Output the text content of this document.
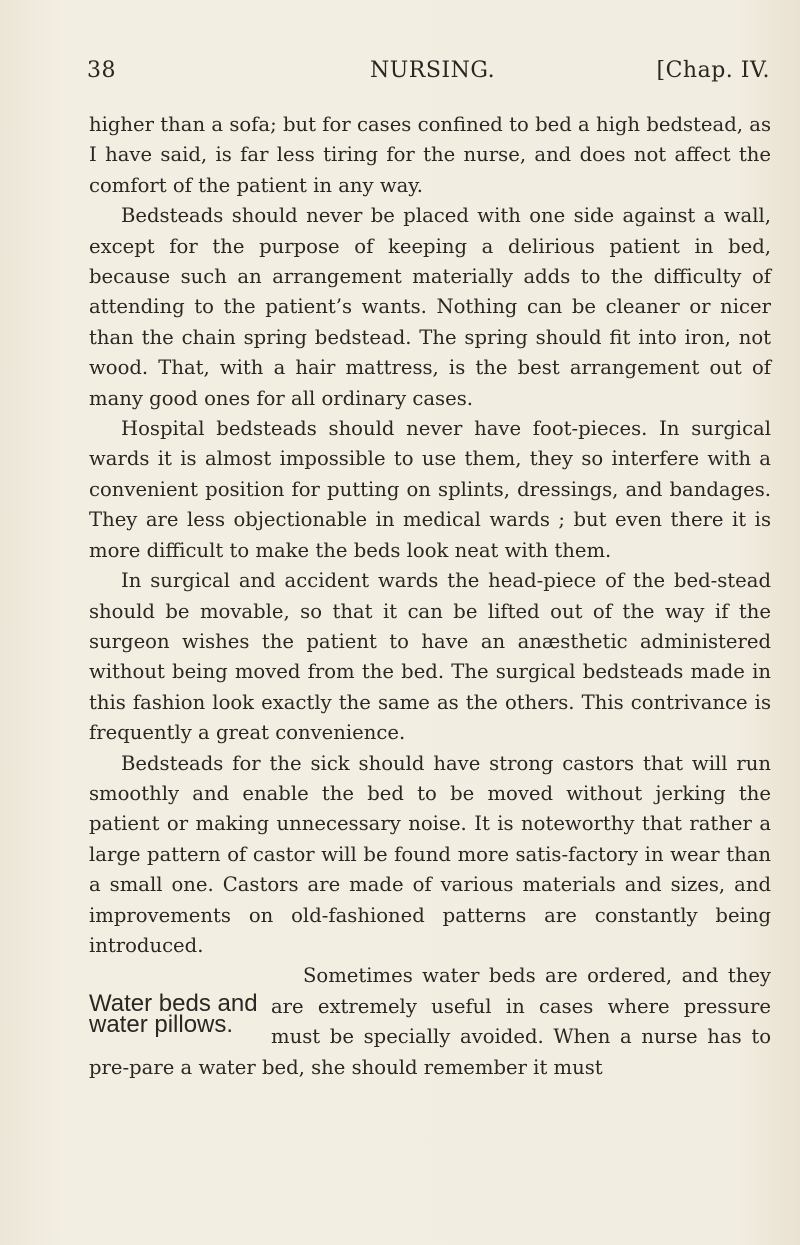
38	NURSING.	[Chap. IV.

higher than a sofa; but for cases confined to bed a high bedstead, as I have said, is far less tiring for the nurse, and does not affect the comfort of the patient in any way.

Bedsteads should never be placed with one side against a wall, except for the purpose of keeping a delirious patient in bed, because such an arrangement materially adds to the difficulty of attending to the patient’s wants. Nothing can be cleaner or nicer than the chain spring bedstead. The spring should fit into iron, not wood. That, with a hair mattress, is the best arrangement out of many good ones for all ordinary cases.

Hospital bedsteads should never have foot-pieces. In surgical wards it is almost impossible to use them, they so interfere with a convenient position for putting on splints, dressings, and bandages. They are less objectionable in medical wards ; but even there it is more difficult to make the beds look neat with them.

In surgical and accident wards the head-piece of the bed-stead should be movable, so that it can be lifted out of the way if the surgeon wishes the patient to have an anæsthetic administered without being moved from the bed. The surgical bedsteads made in this fashion look exactly the same as the others. This contrivance is frequently a great convenience.

Bedsteads for the sick should have strong castors that will run smoothly and enable the bed to be moved without jerking the patient or making unnecessary noise. It is noteworthy that rather a large pattern of castor will be found more satis-factory in wear than a small one. Castors are made of various materials and sizes, and improvements on old-fashioned patterns are constantly being introduced.

Water beds and water pillows.

Sometimes water beds are ordered, and they are extremely useful in cases where pressure must be specially avoided. When a nurse has to pre-pare a water bed, she should remember it must
